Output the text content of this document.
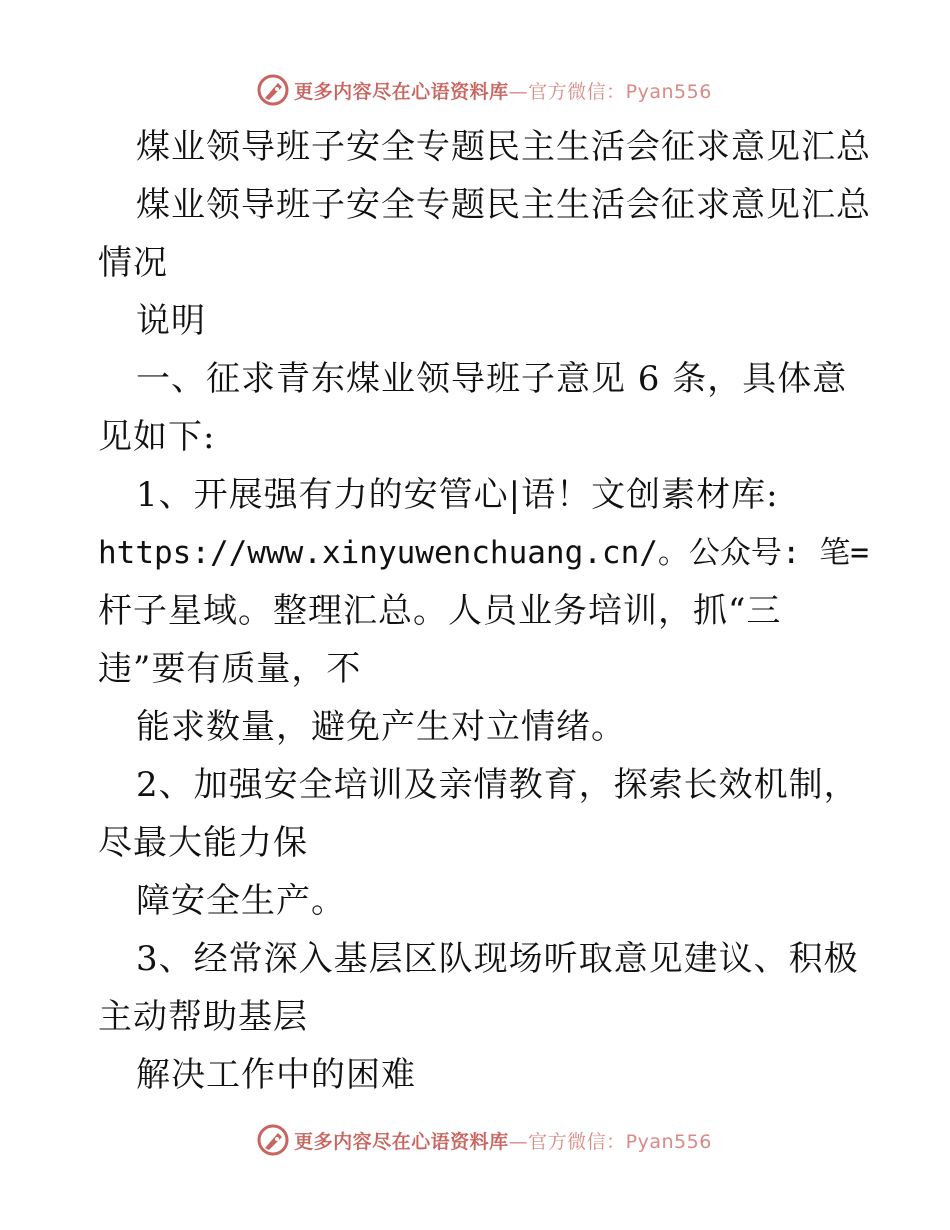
更多内容尽在心语资料库—官方微信：Pyan556
煤业领导班子安全专题民主生活会征求意见汇总
煤业领导班子安全专题民主生活会征求意见汇总
情况
说明
一、征求青东煤业领导班子意见 6 条，具体意
见如下:
1、开展强有力的安管心|语！文创素材库:
https://www.xinyuwenchuang.cn/。公众号: 笔=
杆子星域。整理汇总。人员业务培训，抓“三
违”要有质量，不
能求数量，避免产生对立情绪。
2、加强安全培训及亲情教育，探索长效机制，
尽最大能力保
障安全生产。
3、经常深入基层区队现场听取意见建议、积极
主动帮助基层
解决工作中的困难
更多内容尽在心语资料库—官方微信：Pyan556
